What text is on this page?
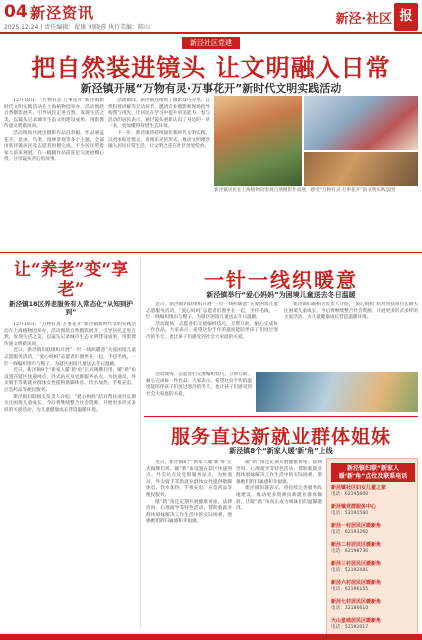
04 新泾资讯
2025.12.24 | 责任编辑：翟康 刘晓蓉 执行美编：陈山
新泾·社区 报
新泾社区党建
把自然装进镜头 让文明融入日常
新泾镇开展“万物有灵·万事花开”新时代文明实践活动

12月18日，“万物有灵·万事花开”新泾镇新时代文明实践活动在上海植物园举办，活动围绕自然摄影展开，引导居民走进自然、发现生活之美，以镜头记录城市生态文明建设成果，用影像传递文明新风尚。

活动现场共展出摄影作品百余幅，作品涵盖花卉、昆虫、鸟类、园林景观等多个主题，全部由新泾镇居民及志愿者拍摄完成。不少居民带着家人前来观展，在一幅幅作品前驻足交流拍摄心得，分享镜头背后的故事。

活动期间，新泾镇还组织了摄影技巧分享、自然科普讲解等互动环节，邀请专业摄影师现场指导构图与用光，让居民在学习中提升审美能力。参与活动的居民表示，通过镜头重新认识了身边的一草一木，更加懂得珍惜生态环境。

下一步，新泾镇将持续深化新时代文明实践，以更多贴近群众、喜闻乐见的形式，推动文明理念融入居民日常生活，让文明之花在社区处处绽放。

新泾镇居民在上海植物园参观自然摄影作品展，感受“万物有灵·万事花开”的文明实践氛围
让“养老”变“享老”
新泾镇18区养老服务有人常态化“从知到护到”

12月18日，“万物有灵·万事花开”新泾镇新时代文明实践活动在上海植物园举办，活动围绕自然摄影展开，引导居民走进自然、发现生活之美，以镜头记录城市生态文明建设成果，用影像传递文明新风尚。

近日，新泾镇妇联组织开展“一针一线织暖意”关爱困境儿童志愿服务活动，“爱心妈妈”志愿者们围坐在一起，手持毛线，一针一线编织围巾与帽子，为辖区困境儿童送去冬日温暖。

近日，新泾镇8个“新家人暖‘新’角”正式揭牌启用。暖“新”角设置在辖区快递网点、外卖站点及党群服务站点，为快递员、外卖骑手等新就业群体女性提供歇脚休息、饮水加热、手机充电、应急药品等便民服务。

新泾镇妇联相关负责人介绍，“爱心妈妈”结对帮扶项目长期关注困境儿童成长，今后将继续整合社会资源，开展更多形式多样的关爱活动，为儿童健康成长营造温暖环境。

一针一线织暖意
新泾镇举行“爱心妈妈”为困境儿童送去冬日温暖

近日，新泾镇妇联组织开展“一针一线织暖意”关爱困境儿童志愿服务活动，“爱心妈妈”志愿者们围坐在一起，手持毛线，一针一线编织围巾与帽子，为辖区困境儿童送去冬日温暖。

活动现场，志愿者们交流编织技巧，互帮互助，耐心完成每一件作品。大家表示，希望这份手作的温度能陪伴孩子们度过寒冷的冬天，也让孩子们感受到社会大家庭的关爱。

新泾镇妇联相关负责人介绍，“爱心妈妈”结对帮扶项目长期关注困境儿童成长，今后将继续整合社会资源，开展更多形式多样的关爱活动，为儿童健康成长营造温暖环境。

活动现场，志愿者们交流编织技巧，互帮互助，耐心完成每一件作品。大家表示，希望这份手作的温度能陪伴孩子们度过寒冷的冬天，也让孩子们感受到社会大家庭的关爱。

服务直达新就业群体姐妹
新泾镇8个“新家人暖‘新’角”上线

近日，新泾镇8个“新家人暖‘新’角”正式揭牌启用。暖“新”角设置在辖区快递网点、外卖站点及党群服务站点，为快递员、外卖骑手等新就业群体女性提供歇脚休息、饮水加热、手机充电、应急药品等便民服务。

暖“新”角还定期开展健康讲座、法律咨询、心理疏导等特色活动，帮助新就业群体姐妹解决工作生活中的实际困难，增强她们的归属感和幸福感。

暖“新”角还定期开展健康讲座、法律咨询、心理疏导等特色活动，帮助新就业群体姐妹解决工作生活中的实际困难，增强她们的归属感和幸福感。

新泾镇妇联表示，将持续完善服务阵地建设，推动更多资源向新就业群体倾斜，让暖“新”角真正成为姐妹们的温馨港湾。

新泾镇妇联“新家人暖‘新’角”点位及联系电话
新泾镇社区妇女儿童之家
电话：62195600
新泾镇党群服务中心
电话：52191560
新泾一村居民区暖新角
电话：62193260
新泾二村居民区暖新角
电话：62198736
新泾三村居民区暖新角
电话：52192481
新泾六村居民区暖新角
电话：62196155
新泾七村居民区暖新角
电话：32186610
天山星城居民区暖新角
电话：52192017
